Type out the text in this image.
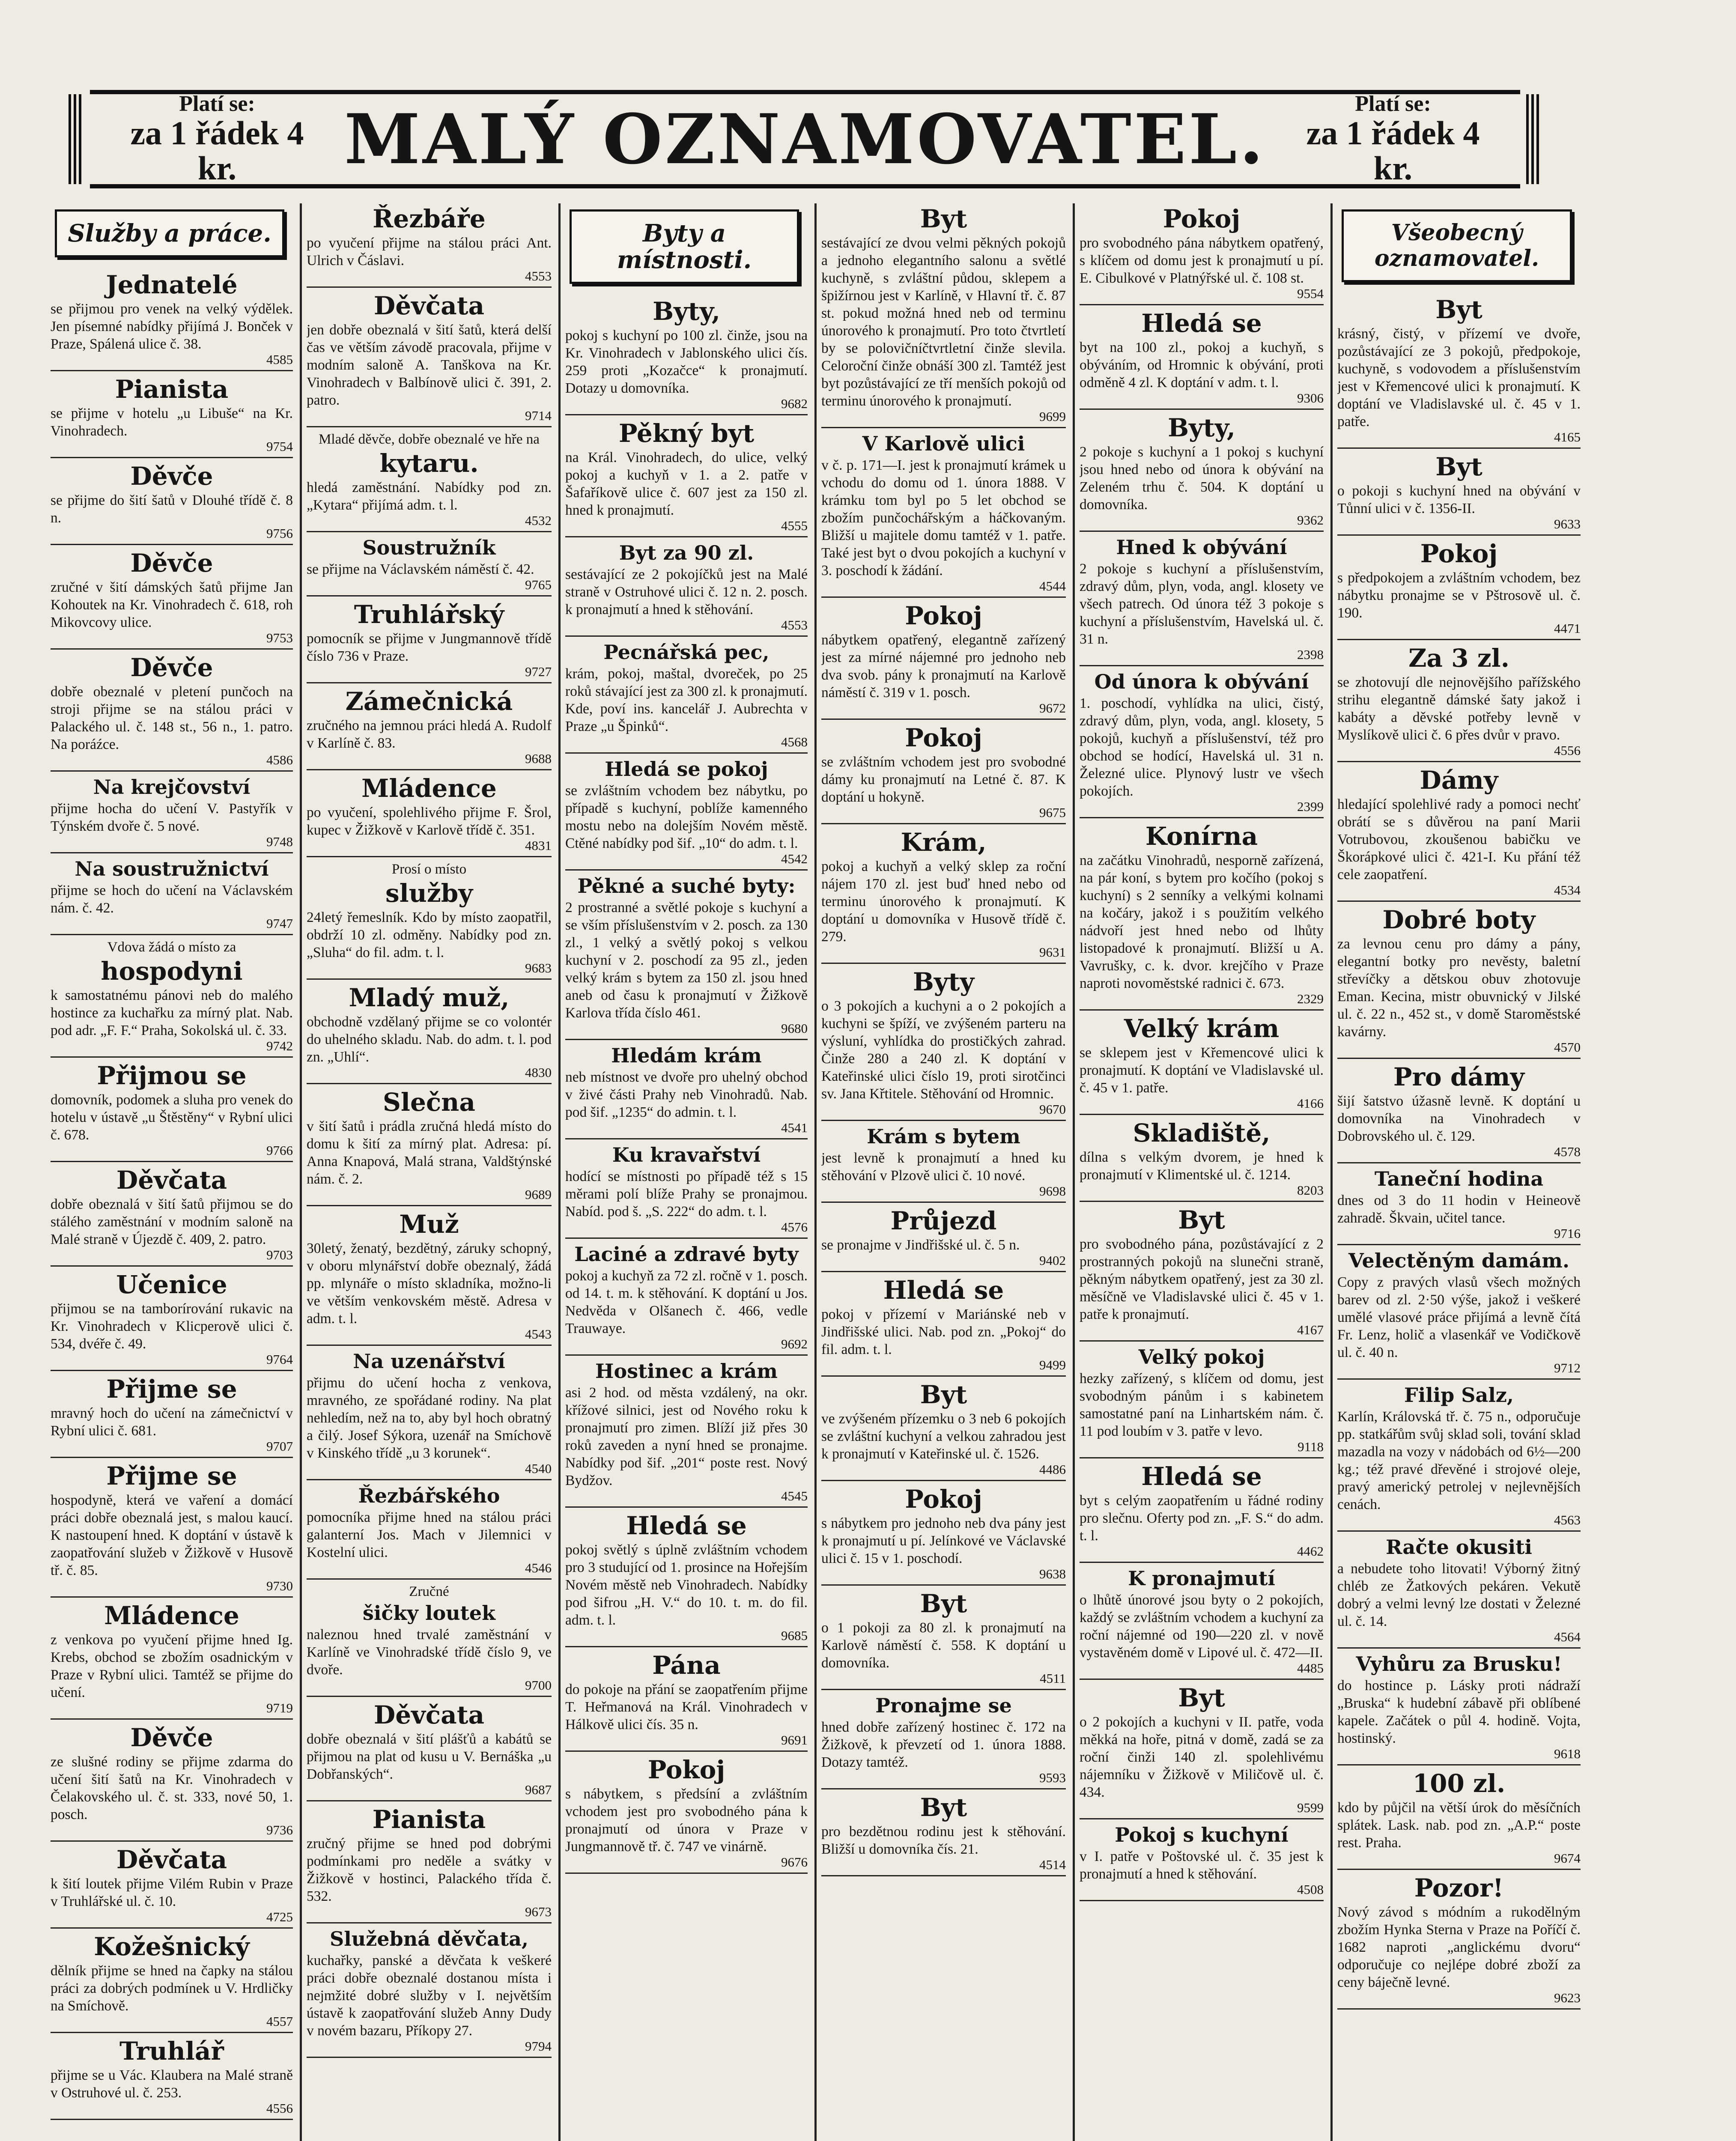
Platí se:
za 1 řádek 4 kr.	MALÝ OZNAMOVATEL.	Platí se:
za 1 řádek 4 kr.
Služby a práce.
Jednatelé

se přijmou pro venek na velký výdělek. Jen písemné nabídky přijímá J. Bonček v Praze, Spálená ulice č. 38.

4585
Pianista

se přijme v hotelu „u Libuše“ na Kr. Vinohradech.

9754
Děvče

se přijme do šití šatů v Dlouhé třídě č. 8 n.

9756
Děvče

zručné v šití dámských šatů přijme Jan Kohoutek na Kr. Vinohradech č. 618, roh Mikovcovy ulice.

9753
Děvče

dobře obeznalé v pletení punčoch na stroji přijme se na stálou práci v Palackého ul. č. 148 st., 56 n., 1. patro. Na poráźce.

4586
Na krejčovství

přijme hocha do učení V. Pastyřík v Týnském dvoře č. 5 nové.

9748
Na soustružnictví

přijme se hoch do učení na Václavském nám. č. 42.

9747

Vdova žádá o místo za

hospodyni

k samostatnému pánovi neb do malého hostince za kuchařku za mírný plat. Nab. pod adr. „F. F.“ Praha, Sokolská ul. č. 33.

9742
Přijmou se

domovník, podomek a sluha pro venek do hotelu v ústavě „u Štěstěny“ v Rybní ulici č. 678.

9766
Děvčata

dobře obeznalá v šití šatů přijmou se do stálého zaměstnání v modním saloně na Malé straně v Újezdě č. 409, 2. patro.

9703
Učenice

přijmou se na tamborírování rukavic na Kr. Vinohradech v Klicperově ulici č. 534, dvéře č. 49.

9764
Přijme se

mravný hoch do učení na zámečnictví v Rybní ulici č. 681.

9707
Přijme se

hospodyně, která ve vaření a domácí práci dobře obeznalá jest, s malou kaucí. K nastoupení hned. K doptání v ústavě k zaopatřování služeb v Žižkově v Husově tř. č. 85.

9730
Mládence

z venkova po vyučení přijme hned Ig. Krebs, obchod se zbožím osadnickým v Praze v Rybní ulici. Tamtéž se přijme do učení.

9719
Děvče

ze slušné rodiny se přijme zdarma do učení šití šatů na Kr. Vinohradech v Čelakovského ul. č. st. 333, nové 50, 1. posch.

9736
Děvčata

k šití loutek přijme Vilém Rubin v Praze v Truhlářské ul. č. 10.

4725
Kožešnický

dělník přijme se hned na čapky na stálou práci za dobrých podmínek u V. Hrdličky na Smíchově.

4557
Truhlář

přijme se u Vác. Klaubera na Malé straně v Ostruhové ul. č. 253.

4556
Řezbáře

po vyučení přijme na stálou práci Ant. Ulrich v Čáslavi.

4553
Děvčata

jen dobře obeznalá v šití šatů, která delší čas ve větším závodě pracovala, přijme v modním saloně A. Tanškova na Kr. Vinohradech v Balbínově ulici č. 391, 2. patro.

9714

Mladé děvče, dobře obeznalé ve hře na

kytaru.

hledá zaměstnání. Nabídky pod zn. „Kytara“ přijímá adm. t. l.

4532
Soustružník

se přijme na Václavském náměstí č. 42.

9765
Truhlářský

pomocník se přijme v Jungmannově třídě číslo 736 v Praze.

9727
Zámečnická

zručného na jemnou práci hledá A. Rudolf v Karlíně č. 83.

9688
Mládence

po vyučení, spolehlivého přijme F. Šrol, kupec v Žižkově v Karlově třídě č. 351.

4831

Prosí o místo

služby

24letý řemeslník. Kdo by místo zaopatřil, obdrží 10 zl. odměny. Nabídky pod zn. „Sluha“ do fil. adm. t. l.

9683
Mladý muž,

obchodně vzdělaný přijme se co volontér do uhelného skladu. Nab. do adm. t. l. pod zn. „Uhlí“.

4830
Slečna

v šití šatů i prádla zručná hledá místo do domu k šití za mírný plat. Adresa: pí. Anna Knapová, Malá strana, Valdštýnské nám. č. 2.

9689
Muž

30letý, ženatý, bezdětný, záruky schopný, v oboru mlynářství dobře obeznalý, žádá pp. mlynáře o místo skladníka, možno-li ve větším venkovském městě. Adresa v adm. t. l.

4543
Na uzenářství

přijmu do učení hocha z venkova, mravného, ze spořádané rodiny. Na plat nehledím, než na to, aby byl hoch obratný a čilý. Josef Sýkora, uzenář na Smíchově v Kinského třídě „u 3 korunek“.

4540
Řezbářského

pomocníka přijme hned na stálou práci galanterní Jos. Mach v Jilemnici v Kostelní ulici.

4546

Zručné

šičky loutek

naleznou hned trvalé zaměstnání v Karlíně ve Vinohradské třídě číslo 9, ve dvoře.

9700
Děvčata

dobře obeznalá v šití plášťů a kabátů se přijmou na plat od kusu u V. Bernáška „u Dobřanských“.

9687
Pianista

zručný přijme se hned pod dobrými podmínkami pro neděle a svátky v Žižkově v hostinci, Palackého třída č. 532.

9673
Služebná děvčata,

kuchařky, panské a děvčata k veškeré práci dobře obeznalé dostanou místa i nejmžité dobré služby v I. největším ústavě k zaopatřování služeb Anny Dudy v novém bazaru, Příkopy 27.

9794
Byty a místnosti.
Byty,

pokoj s kuchyní po 100 zl. činže, jsou na Kr. Vinohradech v Jablonského ulici čís. 259 proti „Kozačce“ k pronajmutí. Dotazy u domovníka.

9682
Pěkný byt

na Král. Vinohradech, do ulice, velký pokoj a kuchyň v 1. a 2. patře v Šafaříkově ulice č. 607 jest za 150 zl. hned k pronajmutí.

4555
Byt za 90 zl.

sestávající ze 2 pokojíčků jest na Malé straně v Ostruhové ulici č. 12 n. 2. posch. k pronajmutí a hned k stěhování.

4553
Pecnářská pec,

krám, pokoj, maštal, dvoreček, po 25 roků stávající jest za 300 zl. k pronajmutí. Kde, poví ins. kancelář J. Aubrechta v Praze „u Špinků“.

4568
Hledá se pokoj

se zvláštním vchodem bez nábytku, po případě s kuchyní, poblíže kamenného mostu nebo na dolejším Novém městě. Ctěné nabídky pod šif. „10“ do adm. t. l.

4542
Pěkné a suché byty:

2 prostranné a světlé pokoje s kuchyní a se vším příslušenstvím v 2. posch. za 130 zl., 1 velký a světlý pokoj s velkou kuchyní v 2. poschodí za 95 zl., jeden velký krám s bytem za 150 zl. jsou hned aneb od času k pronajmutí v Žižkově Karlova třída číslo 461.

9680
Hledám krám

neb místnost ve dvoře pro uhelný obchod v živé části Prahy neb Vinohradů. Nab. pod šif. „1235“ do admin. t. l.

4541
Ku kravařství

hodící se místnosti po případě též s 15 měrami polí blíže Prahy se pronajmou. Nabíd. pod š. „S. 222“ do adm. t. l.

4576
Laciné a zdravé byty

pokoj a kuchyň za 72 zl. ročně v 1. posch. od 14. t. m. k stěhování. K doptání u Jos. Nedvěda v Olšanech č. 466, vedle Trauwaye.

9692
Hostinec a krám

asi 2 hod. od města vzdálený, na okr. křížové silnici, jest od Nového roku k pronajmutí pro zimen. Blíží již přes 30 roků zaveden a nyní hned se pronajme. Nabídky pod šif. „201“ poste rest. Nový Bydžov.

4545
Hledá se

pokoj světlý s úplně zvláštním vchodem pro 3 studující od 1. prosince na Hořejším Novém městě neb Vinohradech. Nabídky pod šifrou „H. V.“ do 10. t. m. do fil. adm. t. l.

9685
Pána

do pokoje na přání se zaopatřením přijme T. Heřmanová na Král. Vinohradech v Hálkově ulici čís. 35 n.

9691
Pokoj

s nábytkem, s předsíní a zvláštním vchodem jest pro svobodného pána k pronajmutí od února v Praze v Jungmannově tř. č. 747 ve vinárně.

9676
Byt

sestávající ze dvou velmi pěkných pokojů a jednoho elegantního salonu a světlé kuchyně, s zvláštní půdou, sklepem a špižírnou jest v Karlíně, v Hlavní tř. č. 87 st. pokud možná hned neb od terminu únorového k pronajmutí. Pro toto čtvrtletí by se polovičníčtvrtletní činže slevila. Celoroční činže obnáší 300 zl. Tamtéž jest byt pozůstávající ze tří menších pokojů od terminu únorového k pronajmutí.

9699
V Karlově ulici

v č. p. 171—I. jest k pronajmutí krámek u vchodu do domu od 1. února 1888. V krámku tom byl po 5 let obchod se zbožím punčochářským a háčkovaným. Bližší u majitele domu tamtéž v 1. patře. Také jest byt o dvou pokojích a kuchyní v 3. poschodí k žádání.

4544
Pokoj

nábytkem opatřený, elegantně zařízený jest za mírné nájemné pro jednoho neb dva svob. pány k pronajmutí na Karlově náměstí č. 319 v 1. posch.

9672
Pokoj

se zvláštním vchodem jest pro svobodné dámy ku pronajmutí na Letné č. 87. K doptání u hokyně.

9675
Krám,

pokoj a kuchyň a velký sklep za roční nájem 170 zl. jest buď hned nebo od terminu únorového k pronajmutí. K doptání u domovníka v Husově třídě č. 279.

9631
Byty

o 3 pokojích a kuchyni a o 2 pokojích a kuchyni se špíží, ve zvýšeném parteru na výsluní, vyhlídka do prostičkých zahrad. Činže 280 a 240 zl. K doptání v Kateřinské ulici číslo 19, proti sirotčinci sv. Jana Křtitele. Stěhování od Hromnic.

9670
Krám s bytem

jest levně k pronajmutí a hned ku stěhování v Plzově ulici č. 10 nové.

9698
Průjezd

se pronajme v Jindřišské ul. č. 5 n.

9402
Hledá se

pokoj v přízemí v Mariánské neb v Jindřišské ulici. Nab. pod zn. „Pokoj“ do fil. adm. t. l.

9499
Byt

ve zvýšeném přízemku o 3 neb 6 pokojích se zvláštní kuchyní a velkou zahradou jest k pronajmutí v Kateřinské ul. č. 1526.

4486
Pokoj

s nábytkem pro jednoho neb dva pány jest k pronajmutí u pí. Jelínkové ve Václavské ulici č. 15 v 1. poschodí.

9638
Byt

o 1 pokoji za 80 zl. k pronajmutí na Karlově náměstí č. 558. K doptání u domovníka.

4511
Pronajme se

hned dobře zařízený hostinec č. 172 na Žižkově, k převzetí od 1. února 1888. Dotazy tamtéž.

9593
Byt

pro bezdětnou rodinu jest k stěhování. Bližší u domovníka čís. 21.

4514
Pokoj

pro svobodného pána nábytkem opatřený, s klíčem od domu jest k pronajmutí u pí. E. Cibulkové v Platnýřské ul. č. 108 st.

9554
Hledá se

byt na 100 zl., pokoj a kuchyň, s obýváním, od Hromnic k obývání, proti odměně 4 zl. K doptání v adm. t. l.

9306
Byty,

2 pokoje s kuchyní a 1 pokoj s kuchyní jsou hned nebo od února k obývání na Zeleném trhu č. 504. K doptání u domovníka.

9362
Hned k obývání

2 pokoje s kuchyní a příslušenstvím, zdravý dům, plyn, voda, angl. klosety ve všech patrech. Od února též 3 pokoje s kuchyní a příslušenstvím, Havelská ul. č. 31 n.

2398
Od února k obývání

1. poschodí, vyhlídka na ulici, čistý, zdravý dům, plyn, voda, angl. klosety, 5 pokojů, kuchyň a příslušenství, též pro obchod se hodící, Havelská ul. 31 n. Železné ulice. Plynový lustr ve všech pokojích.

2399
Konírna

na začátku Vinohradů, nesporně zařízená, na pár koní, s bytem pro kočího (pokoj s kuchyní) s 2 senníky a velkými kolnami na kočáry, jakož i s použitím velkého nádvoří jest hned nebo od lhůty listopadové k pronajmutí. Bližší u A. Vavrušky, c. k. dvor. krejčího v Praze naproti novoměstské radnici č. 673.

2329
Velký krám

se sklepem jest v Křemencové ulici k pronajmutí. K doptání ve Vladislavské ul. č. 45 v 1. patře.

4166
Skladiště,

dílna s velkým dvorem, je hned k pronajmutí v Klimentské ul. č. 1214.

8203
Byt

pro svobodného pána, pozůstávající z 2 prostranných pokojů na slunečni straně, pěkným nábytkem opatřený, jest za 30 zl. měsíčně ve Vladislavské ulici č. 45 v 1. patře k pronajmutí.

4167
Velký pokoj

hezky zařízený, s klíčem od domu, jest svobodným pánům i s kabinetem samostatné paní na Linhartském nám. č. 11 pod loubím v 3. patře v levo.

9118
Hledá se

byt s celým zaopatřením u řádné rodiny pro slečnu. Oferty pod zn. „F. S.“ do adm. t. l.

4462
K pronajmutí

o lhůtě únorové jsou byty o 2 pokojích, každý se zvláštním vchodem a kuchyní za roční nájemné od 190—220 zl. v nově vystavěném domě v Lipové ul. č. 472—II.

4485
Byt

o 2 pokojích a kuchyni v II. patře, voda měkká na hoře, pitná v domě, zadá se za roční činži 140 zl. spolehlivému nájemníku v Žižkově v Miličově ul. č. 434.

9599
Pokoj s kuchyní

v I. patře v Poštovské ul. č. 35 jest k pronajmutí a hned k stěhování.

4508
Všeobecný oznamovatel.
Byt

krásný, čistý, v přízemí ve dvoře, pozůstávající ze 3 pokojů, předpokoje, kuchyně, s vodovodem a příslušenstvím jest v Křemencové ulici k pronajmutí. K doptání ve Vladislavské ul. č. 45 v 1. patře.

4165
Byt

o pokoji s kuchyní hned na obývání v Tůnní ulici v č. 1356-II.

9633
Pokoj

s předpokojem a zvláštním vchodem, bez nábytku pronajme se v Pštrosově ul. č. 190.

4471
Za 3 zl.

se zhotovují dle nejnovějšího pařížského strihu elegantně dámské šaty jakož i kabáty a děvské potřeby levně v Myslíkově ulici č. 6 přes dvůr v pravo.

4556
Dámy

hledající spolehlivé rady a pomoci nechť obrátí se s důvěrou na paní Marii Votrubovou, zkoušenou babičku ve Škorápkové ulici č. 421-I. Ku přání též cele zaopatření.

4534
Dobré boty

za levnou cenu pro dámy a pány, elegantní botky pro nevěsty, baletní střevíčky a dětskou obuv zhotovuje Eman. Kecina, mistr obuvnický v Jilské ul. č. 22 n., 452 st., v domě Staroměstské kavárny.

4570
Pro dámy

šijí šatstvo úžasně levně. K doptání u domovníka na Vinohradech v Dobrovského ul. č. 129.

4578
Taneční hodina

dnes od 3 do 11 hodin v Heineově zahradě. Škvain, učitel tance.

9716
Velectěným damám.

Copy z pravých vlasů všech možných barev od zl. 2·50 výše, jakož i veškeré umělé vlasové práce přijímá a levně čítá Fr. Lenz, holič a vlasenkář ve Vodičkově ul. č. 40 n.

9712
Filip Salz,

Karlín, Královská tř. č. 75 n., odporučuje pp. statkářům svůj sklad soli, tování sklad mazadla na vozy v nádobách od 6½—200 kg.; též pravé dřevěné i strojové oleje, pravý americký petrolej v nejlevnějších cenách.

4563
Račte okusiti

a nebudete toho litovati! Výborný žitný chléb ze Žatkových pekáren. Vekutě dobrý a velmi levný lze dostati v Železné ul. č. 14.

4564
Vyhůru za Brusku!

do hostince p. Lásky proti nádraží „Bruska“ k hudební zábavě při oblíbené kapele. Začátek o půl 4. hodině. Vojta, hostinský.

9618
100 zl.

kdo by půjčil na větší úrok do měsíčních splátek. Lask. nab. pod zn. „A.P.“ poste rest. Praha.

9674
Pozor!

Nový závod s módním a rukodělným zbožím Hynka Sterna v Praze na Poříčí č. 1682 naproti „anglickému dvoru“ odporučuje co nejlépe dobré zboží za ceny báječně levné.

9623
